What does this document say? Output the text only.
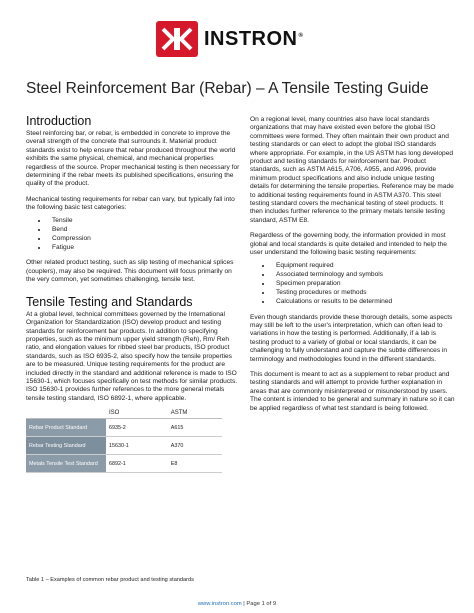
INSTRON®
Steel Reinforcement Bar (Rebar) – A Tensile Testing Guide
Introduction

Steel reinforcing bar, or rebar, is embedded in concrete to improve the overall strength of the concrete that surrounds it. Material product standards exist to help ensure that rebar produced throughout the world exhibits the same physical, chemical, and mechanical properties regardless of the source. Proper mechanical testing is then necessary for determining if the rebar meets its published specifications, ensuring the quality of the product.

Mechanical testing requirements for rebar can vary, but typically fall into the following basic test categories:

• Tensile
• Bend
• Compression
• Fatigue

Other related product testing, such as slip testing of mechanical splices (couplers), may also be required. This document will focus primarily on the very common, yet sometimes challenging, tensile test.

Tensile Testing and Standards

At a global level, technical committees governed by the International Organization for Standardization (ISO) develop product and testing standards for reinforcement bar products. In addition to specifying properties, such as the minimum upper yield strength (Reh), Rm/ Reh ratio, and elongation values for ribbed steel bar products, ISO product standards, such as ISO 6935-2, also specify how the tensile properties are to be measured. Unique testing requirements for the product are included directly in the standard and additional reference is made to ISO 15630-1, which focuses specifically on test methods for similar products. ISO 15630-1 provides further references to the more general metals tensile testing standard, ISO 6892-1, where applicable.

	ISO	ASTM
Rebar Product Standard	6935-2	A615
Rebar Testing Standard	15630-1	A370
Metals Tensile Test Standard	6892-1	E8
Table 1 – Examples of common rebar product and testing standards

On a regional level, many countries also have local standards organizations that may have existed even before the global ISO committees were formed. They often maintain their own product and testing standards or can elect to adopt the global ISO standards where appropriate. For example, in the US ASTM has long developed product and testing standards for reinforcement bar. Product standards, such as ASTM A615, A706, A955, and A996, provide minimum product specifications and also include unique testing details for determining the tensile properties. Reference may be made to additional testing requirements found in ASTM A370. This steel testing standard covers the mechanical testing of steel products. It then includes further reference to the primary metals tensile testing standard, ASTM E8.

Regardless of the governing body, the information provided in most global and local standards is quite detailed and intended to help the user understand the following basic testing requirements:

• Equipment required
• Associated terminology and symbols
• Specimen preparation
• Testing procedures or methods
• Calculations or results to be determined

Even though standards provide these thorough details, some aspects may still be left to the user's interpretation, which can often lead to variations in how the testing is performed. Additionally, if a lab is testing product to a variety of global or local standards, it can be challenging to fully understand and capture the subtle differences in terminology and methodologies found in the different standards.

This document is meant to act as a supplement to rebar product and testing standards and will attempt to provide further explanation in areas that are commonly misinterpreted or misunderstood by users. The content is intended to be general and summary in nature so it can be applied regardless of what test standard is being followed.

www.instron.com | Page 1 of 9
